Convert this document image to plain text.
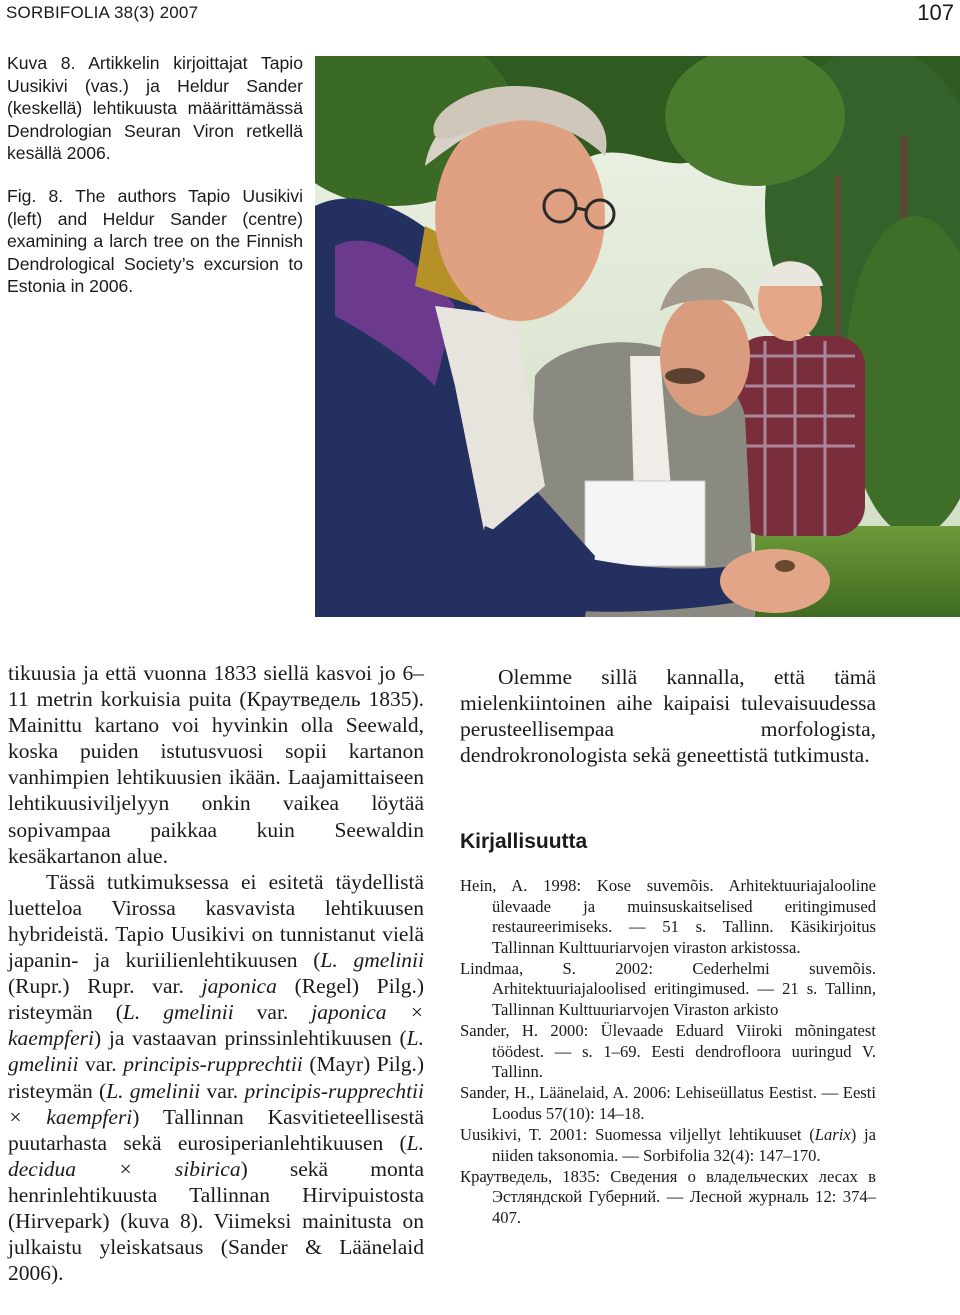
SORBIFOLIA 38(3) 2007	107

Kuva 8. Artikkelin kirjoittajat Tapio Uusikivi (vas.) ja Heldur Sander (keskellä) lehtikuusta määrittämässä Dendrologian Seuran Viron retkellä kesällä 2006.

Fig. 8. The authors Tapio Uusikivi (left) and Heldur Sander (centre) examining a larch tree on the Finnish Dendrological Society’s excursion to Estonia in 2006.

tikuusia ja että vuonna 1833 siellä kasvoi jo 6–11 metrin korkuisia puita (Краутведель 1835). Mainittu kartano voi hyvinkin olla Seewald, koska puiden istutusvuosi sopii kartanon vanhimpien lehtikuusien ikään. Laajamittaiseen lehtikuusiviljelyyn onkin vaikea löytää sopivampaa paikkaa kuin Seewaldin kesäkartanon alue.

Tässä tutkimuksessa ei esitetä täydellistä luetteloa Virossa kasvavista lehtikuusen hybrideistä. Tapio Uusikivi on tunnistanut vielä japanin- ja kuriilienlehtikuusen (L. gmelinii (Rupr.) Rupr. var. japonica (Regel) Pilg.) risteymän (L. gmelinii var. japonica × kaempferi) ja vastaavan prinssinlehtikuusen (L. gmelinii var. principis-rupprechtii (Mayr) Pilg.) risteymän (L. gmelinii var. principis-rupprechtii × kaempferi) Tallinnan Kasvitieteellisestä puutarhasta sekä eurosiperianlehtikuusen (L. decidua × sibirica) sekä monta henrinlehtikuusta Tallinnan Hirvipuistosta (Hirvepark) (kuva 8). Viimeksi mainitusta on julkaistu yleiskatsaus (Sander & Läänelaid 2006).

Olemme sillä kannalla, että tämä mielenkiintoinen aihe kaipaisi tulevaisuudessa perusteellisempaa morfologista, dendrokronologista sekä geneettistä tutkimusta.

Kirjallisuutta

Hein, A. 1998: Kose suvemõis. Arhitektuuriajalooline ülevaade ja muinsuskaitselised eritingimused restaureerimiseks. — 51 s. Tallinn. Käsikirjoitus Tallinnan Kulttuuriarvojen viraston arkistossa.

Lindmaa, S. 2002: Cederhelmi suvemõis. Arhitektuuriajaloolised eritingimused. — 21 s. Tallinn, Tallinnan Kulttuuriarvojen Viraston arkisto

Sander, H. 2000: Ülevaade Eduard Viiroki mõningatest töödest. — s. 1–69. Eesti dendrofloora uuringud V. Tallinn.

Sander, H., Läänelaid, A. 2006: Lehiseüllatus Eestist. — Eesti Loodus 57(10): 14–18.

Uusikivi, T. 2001: Suomessa viljellyt lehtikuuset (Larix) ja niiden taksonomia. — Sorbifolia 32(4): 147–170.

Краутведель, 1835: Сведения о владельческих лесах в Эстляндской Губерний. — Лесной журналь 12: 374–407.
